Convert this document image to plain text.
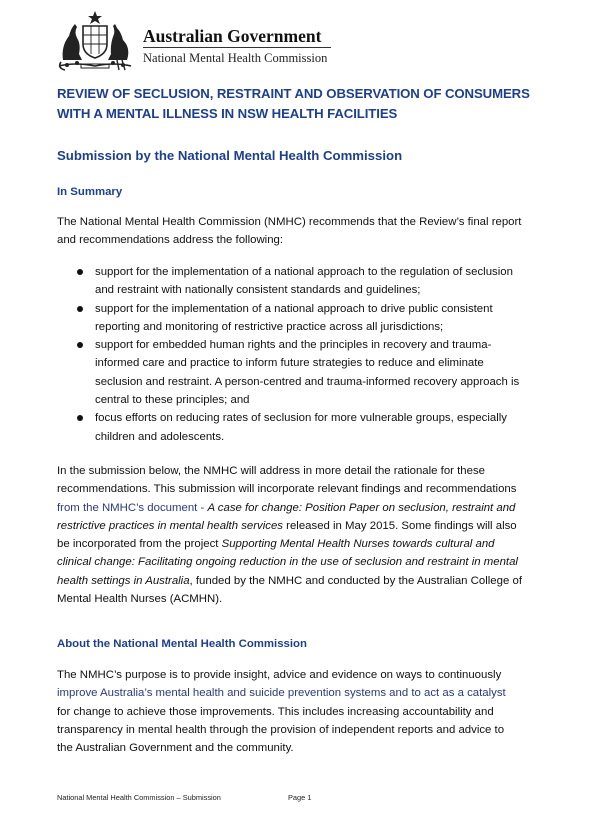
Australian Government
National Mental Health Commission
REVIEW OF SECLUSION, RESTRAINT AND OBSERVATION OF CONSUMERS
WITH A MENTAL ILLNESS IN NSW HEALTH FACILITIES
Submission by the National Mental Health Commission
In Summary
The National Mental Health Commission (NMHC) recommends that the Review’s final report
and recommendations address the following:
support for the implementation of a national approach to the regulation of seclusion
and restraint with nationally consistent standards and guidelines;
support for the implementation of a national approach to drive public consistent
reporting and monitoring of restrictive practice across all jurisdictions;
support for embedded human rights and the principles in recovery and trauma-
informed care and practice to inform future strategies to reduce and eliminate
seclusion and restraint. A person-centred and trauma-informed recovery approach is
central to these principles; and
focus efforts on reducing rates of seclusion for more vulnerable groups, especially
children and adolescents.
In the submission below, the NMHC will address in more detail the rationale for these
recommendations. This submission will incorporate relevant findings and recommendations
from the NMHC’s document - A case for change: Position Paper on seclusion, restraint and
restrictive practices in mental health services released in May 2015. Some findings will also
be incorporated from the project Supporting Mental Health Nurses towards cultural and
clinical change: Facilitating ongoing reduction in the use of seclusion and restraint in mental
health settings in Australia, funded by the NMHC and conducted by the Australian College of
Mental Health Nurses (ACMHN).
About the National Mental Health Commission
The NMHC’s purpose is to provide insight, advice and evidence on ways to continuously
improve Australia’s mental health and suicide prevention systems and to act as a catalyst
for change to achieve those improvements. This includes increasing accountability and
transparency in mental health through the provision of independent reports and advice to
the Australian Government and the community.
National Mental Health Commission – Submission	Page 1
